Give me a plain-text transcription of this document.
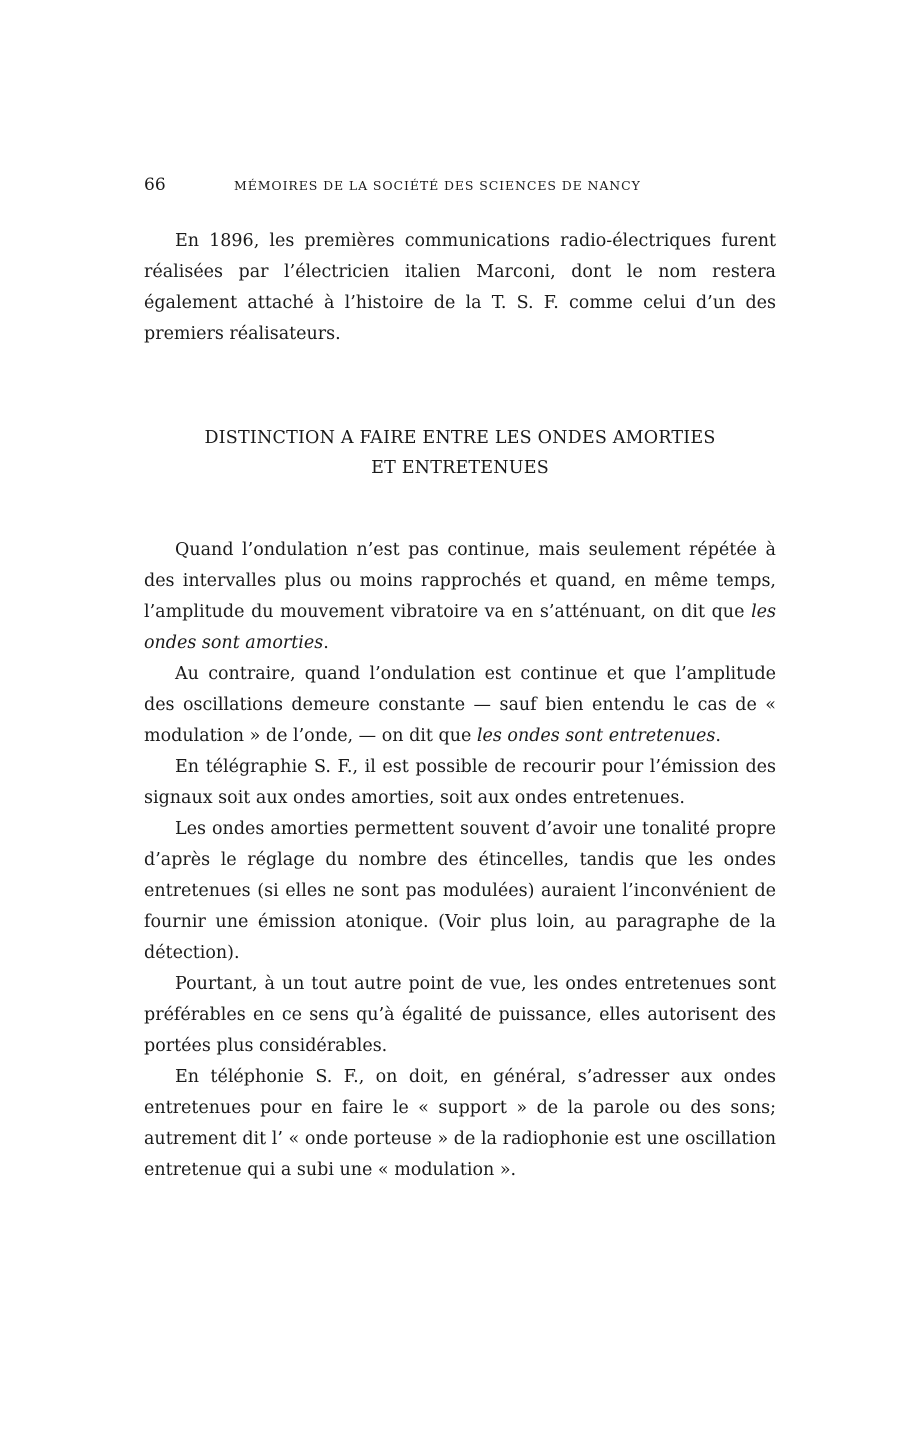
66	MÉMOIRES DE LA SOCIÉTÉ DES SCIENCES DE NANCY

En 1896, les premières communications radio-électriques furent réalisées par l’électricien italien Marconi, dont le nom restera également attaché à l’histoire de la T. S. F. comme celui d’un des premiers réalisateurs.

DISTINCTION A FAIRE ENTRE LES ONDES AMORTIES
ET ENTRETENUES

Quand l’ondulation n’est pas continue, mais seulement répétée à des intervalles plus ou moins rapprochés et quand, en même temps, l’amplitude du mouvement vibratoire va en s’atténuant, on dit que les ondes sont amorties.

Au contraire, quand l’ondulation est continue et que l’amplitude des oscillations demeure constante — sauf bien entendu le cas de « modulation » de l’onde, — on dit que les ondes sont entretenues.

En télégraphie S. F., il est possible de recourir pour l’émission des signaux soit aux ondes amorties, soit aux ondes entretenues.

Les ondes amorties permettent souvent d’avoir une tonalité propre d’après le réglage du nombre des étincelles, tandis que les ondes entretenues (si elles ne sont pas modulées) auraient l’inconvénient de fournir une émission atonique. (Voir plus loin, au paragraphe de la détection).

Pourtant, à un tout autre point de vue, les ondes entretenues sont préférables en ce sens qu’à égalité de puissance, elles autorisent des portées plus considérables.

En téléphonie S. F., on doit, en général, s’adresser aux ondes entretenues pour en faire le « support » de la parole ou des sons; autrement dit l’ « onde porteuse » de la radiophonie est une oscillation entretenue qui a subi une « modulation ».
